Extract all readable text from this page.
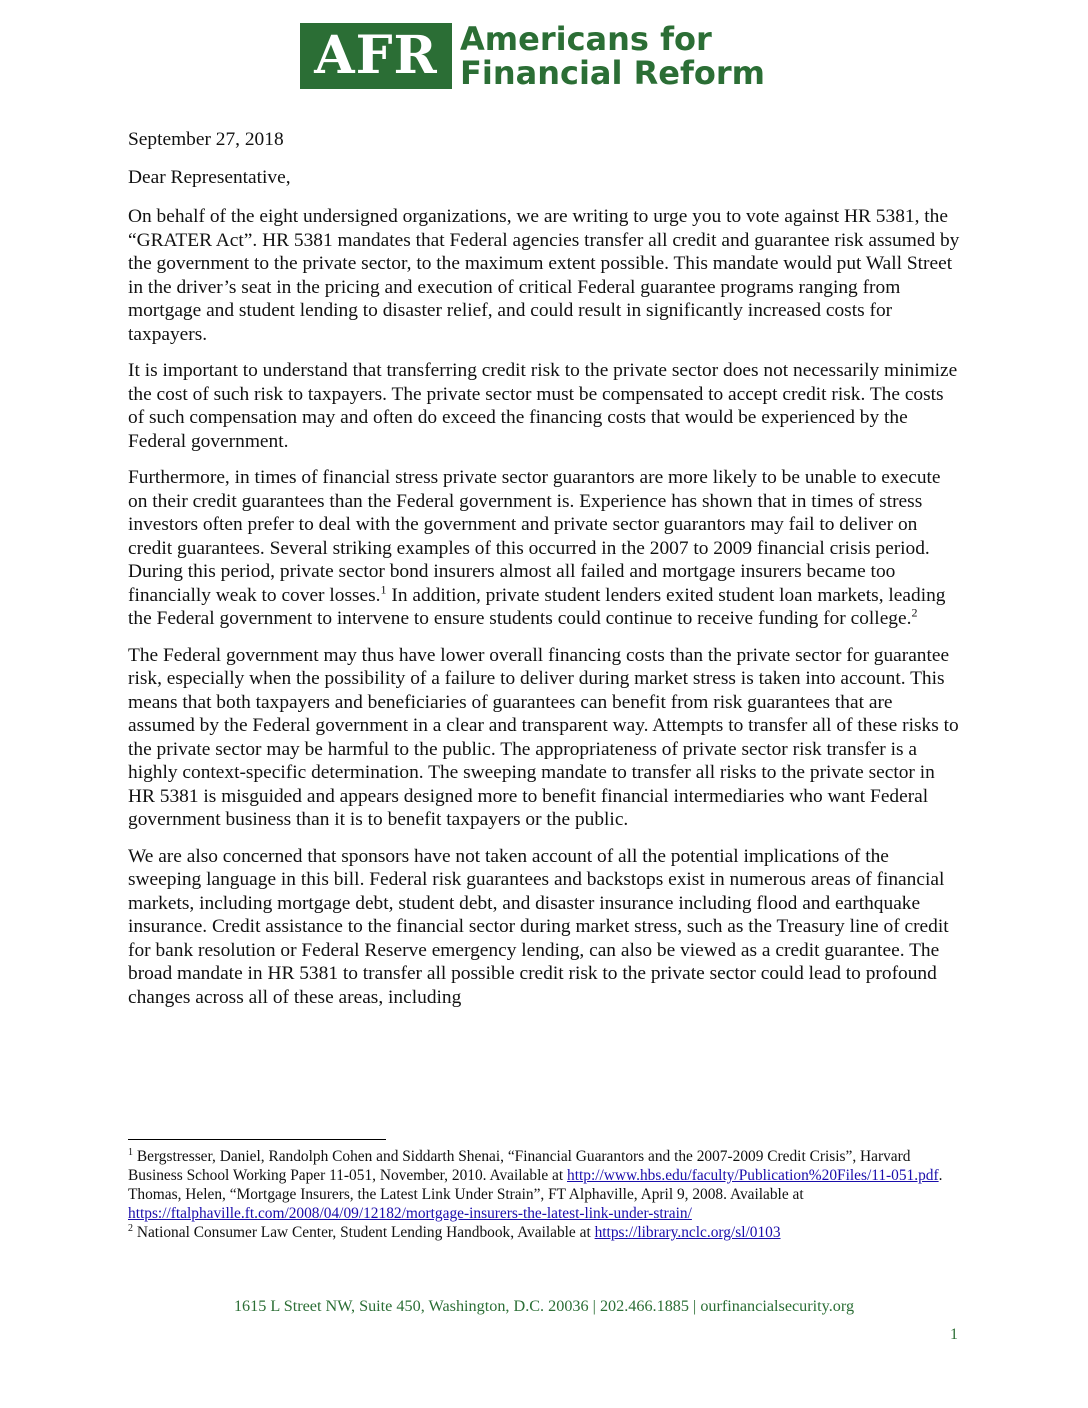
AFR Americans for
Financial Reform

September 27, 2018

Dear Representative,

On behalf of the eight undersigned organizations, we are writing to urge you to vote against HR 5381, the “GRATER Act”. HR 5381 mandates that Federal agencies transfer all credit and guarantee risk assumed by the government to the private sector, to the maximum extent possible. This mandate would put Wall Street in the driver’s seat in the pricing and execution of critical Federal guarantee programs ranging from mortgage and student lending to disaster relief, and could result in significantly increased costs for taxpayers.

It is important to understand that transferring credit risk to the private sector does not necessarily minimize the cost of such risk to taxpayers. The private sector must be compensated to accept credit risk. The costs of such compensation may and often do exceed the financing costs that would be experienced by the Federal government.

Furthermore, in times of financial stress private sector guarantors are more likely to be unable to execute on their credit guarantees than the Federal government is. Experience has shown that in times of stress investors often prefer to deal with the government and private sector guarantors may fail to deliver on credit guarantees. Several striking examples of this occurred in the 2007 to 2009 financial crisis period. During this period, private sector bond insurers almost all failed and mortgage insurers became too financially weak to cover losses.$^1$ In addition, private student lenders exited student loan markets, leading the Federal government to intervene to ensure students could continue to receive funding for college.$^2$

The Federal government may thus have lower overall financing costs than the private sector for guarantee risk, especially when the possibility of a failure to deliver during market stress is taken into account. This means that both taxpayers and beneficiaries of guarantees can benefit from risk guarantees that are assumed by the Federal government in a clear and transparent way. Attempts to transfer all of these risks to the private sector may be harmful to the public. The appropriateness of private sector risk transfer is a highly context-specific determination. The sweeping mandate to transfer all risks to the private sector in HR 5381 is misguided and appears designed more to benefit financial intermediaries who want Federal government business than it is to benefit taxpayers or the public.

We are also concerned that sponsors have not taken account of all the potential implications of the sweeping language in this bill. Federal risk guarantees and backstops exist in numerous areas of financial markets, including mortgage debt, student debt, and disaster insurance including flood and earthquake insurance. Credit assistance to the financial sector during market stress, such as the Treasury line of credit for bank resolution or Federal Reserve emergency lending, can also be viewed as a credit guarantee. The broad mandate in HR 5381 to transfer all possible credit risk to the private sector could lead to profound changes across all of these areas, including

$^1$ Bergstresser, Daniel, Randolph Cohen and Siddarth Shenai, “Financial Guarantors and the 2007-2009 Credit Crisis”, Harvard Business School Working Paper 11-051, November, 2010. Available at http://www.hbs.edu/faculty/Publication%20Files/11-051.pdf. Thomas, Helen, “Mortgage Insurers, the Latest Link Under Strain”, FT Alphaville, April 9, 2008. Available at https://ftalphaville.ft.com/2008/04/09/12182/mortgage-insurers-the-latest-link-under-strain/

$^2$ National Consumer Law Center, Student Lending Handbook, Available at https://library.nclc.org/sl/0103

1615 L Street NW, Suite 450, Washington, D.C. 20036 | 202.466.1885 | ourfinancialsecurity.org
1
